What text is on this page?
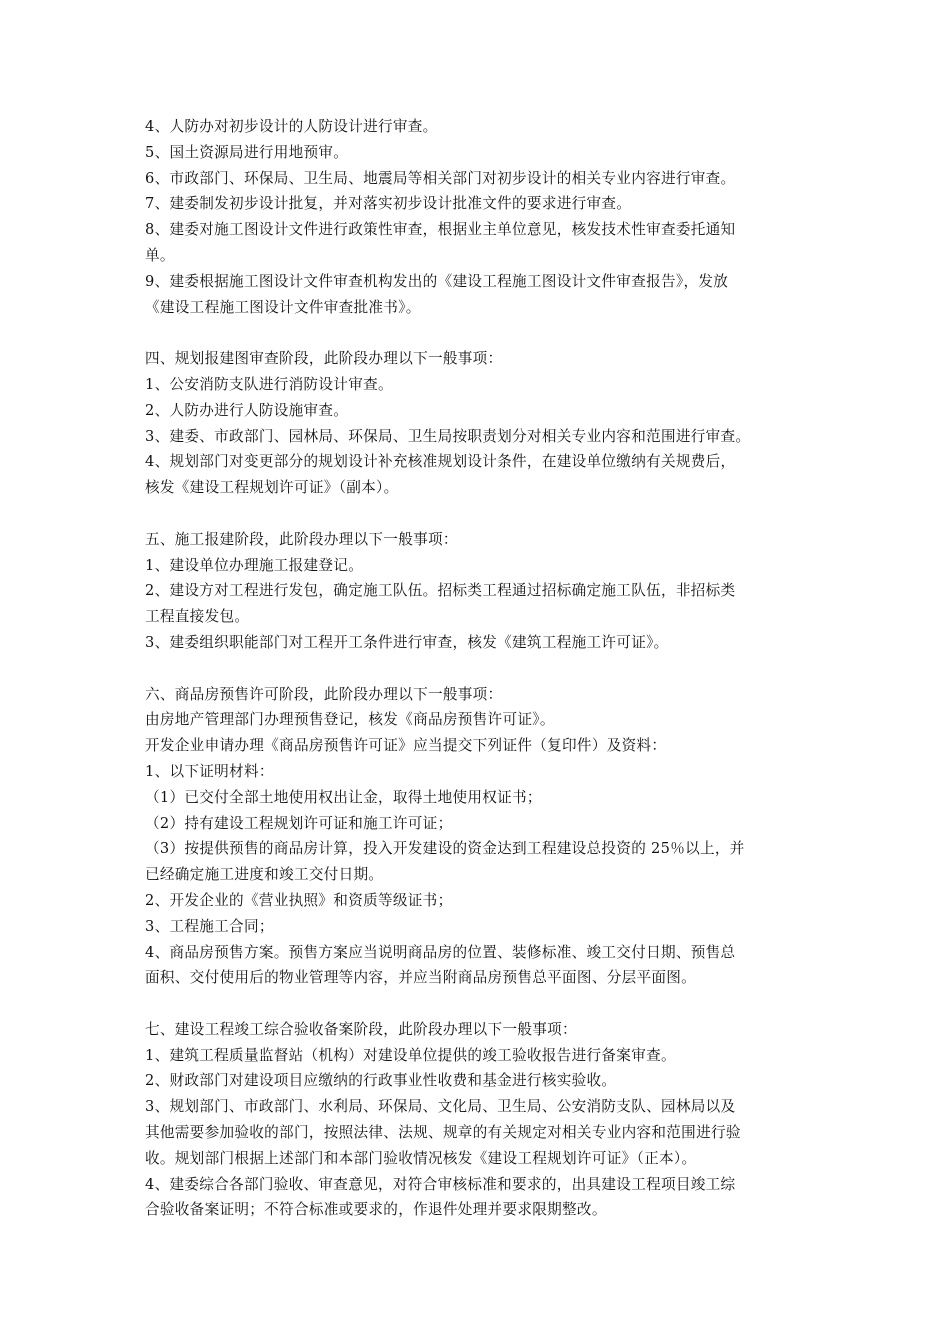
4、人防办对初步设计的人防设计进行审查。
5、国土资源局进行用地预审。
6、市政部门、环保局、卫生局、地震局等相关部门对初步设计的相关专业内容进行审查。
7、建委制发初步设计批复，并对落实初步设计批准文件的要求进行审查。
8、建委对施工图设计文件进行政策性审查，根据业主单位意见，核发技术性审查委托通知
单。
9、建委根据施工图设计文件审查机构发出的《建设工程施工图设计文件审查报告》，发放
《建设工程施工图设计文件审查批准书》。
四、规划报建图审查阶段，此阶段办理以下一般事项：
1、公安消防支队进行消防设计审查。
2、人防办进行人防设施审查。
3、建委、市政部门、园林局、环保局、卫生局按职责划分对相关专业内容和范围进行审查。
4、规划部门对变更部分的规划设计补充核准规划设计条件，在建设单位缴纳有关规费后，
核发《建设工程规划许可证》（副本）。
五、施工报建阶段，此阶段办理以下一般事项：
1、建设单位办理施工报建登记。
2、建设方对工程进行发包，确定施工队伍。招标类工程通过招标确定施工队伍，非招标类
工程直接发包。
3、建委组织职能部门对工程开工条件进行审查，核发《建筑工程施工许可证》。
六、商品房预售许可阶段，此阶段办理以下一般事项：
由房地产管理部门办理预售登记，核发《商品房预售许可证》。
开发企业申请办理《商品房预售许可证》应当提交下列证件（复印件）及资料：
1、以下证明材料：
（1）已交付全部土地使用权出让金，取得土地使用权证书；
（2）持有建设工程规划许可证和施工许可证；
（3）按提供预售的商品房计算，投入开发建设的资金达到工程建设总投资的 25％以上，并
已经确定施工进度和竣工交付日期。
2、开发企业的《营业执照》和资质等级证书；
3、工程施工合同；
4、商品房预售方案。预售方案应当说明商品房的位置、装修标准、竣工交付日期、预售总
面积、交付使用后的物业管理等内容，并应当附商品房预售总平面图、分层平面图。
七、建设工程竣工综合验收备案阶段，此阶段办理以下一般事项：
1、建筑工程质量监督站（机构）对建设单位提供的竣工验收报告进行备案审查。
2、财政部门对建设项目应缴纳的行政事业性收费和基金进行核实验收。
3、规划部门、市政部门、水利局、环保局、文化局、卫生局、公安消防支队、园林局以及
其他需要参加验收的部门，按照法律、法规、规章的有关规定对相关专业内容和范围进行验
收。规划部门根据上述部门和本部门验收情况核发《建设工程规划许可证》（正本）。
4、建委综合各部门验收、审查意见，对符合审核标准和要求的，出具建设工程项目竣工综
合验收备案证明；不符合标准或要求的，作退件处理并要求限期整改。
